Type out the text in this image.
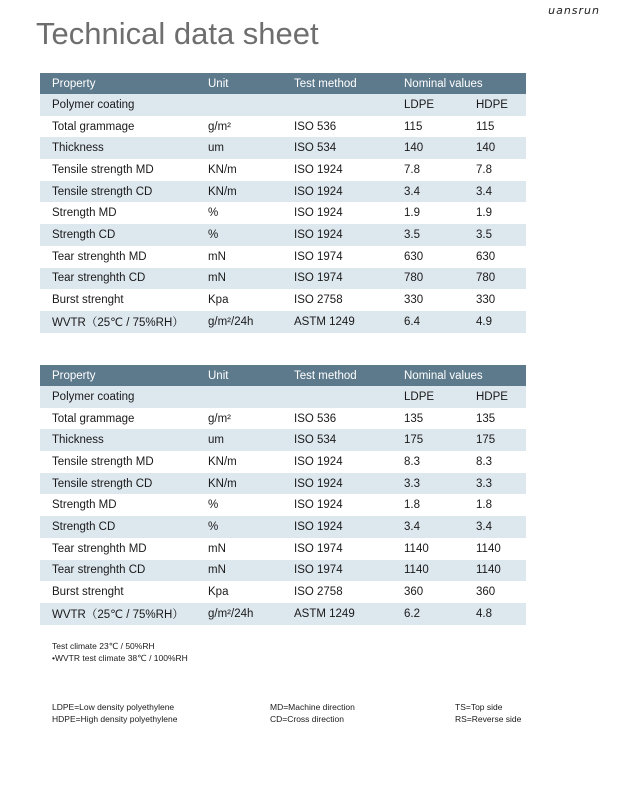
uansrun
Technical data sheet
Property	Unit	Test method	Nominal values	
Polymer coating			LDPE	HDPE
Total grammage	g/m²	ISO 536	115	115
Thickness	um	ISO 534	140	140
Tensile strength MD	KN/m	ISO 1924	7.8	7.8
Tensile strength CD	KN/m	ISO 1924	3.4	3.4
Strength MD	%	ISO 1924	1.9	1.9
Strength CD	%	ISO 1924	3.5	3.5
Tear strenghth MD	mN	ISO 1974	630	630
Tear strenghth CD	mN	ISO 1974	780	780
Burst strenght	Kpa	ISO 2758	330	330
WVTR（25℃ / 75%RH）	g/m²/24h	ASTM 1249	6.4	4.9
Property	Unit	Test method	Nominal values	
Polymer coating			LDPE	HDPE
Total grammage	g/m²	ISO 536	135	135
Thickness	um	ISO 534	175	175
Tensile strength MD	KN/m	ISO 1924	8.3	8.3
Tensile strength CD	KN/m	ISO 1924	3.3	3.3
Strength MD	%	ISO 1924	1.8	1.8
Strength CD	%	ISO 1924	3.4	3.4
Tear strenghth MD	mN	ISO 1974	1140	1140
Tear strenghth CD	mN	ISO 1974	1140	1140
Burst strenght	Kpa	ISO 2758	360	360
WVTR（25℃ / 75%RH）	g/m²/24h	ASTM 1249	6.2	4.8
Test climate 23℃ / 50%RH
•WVTR test climate 38℃ / 100%RH
LDPE=Low density polyethylene
HDPE=High density polyethylene
MD=Machine direction
CD=Cross direction
TS=Top side
RS=Reverse side
